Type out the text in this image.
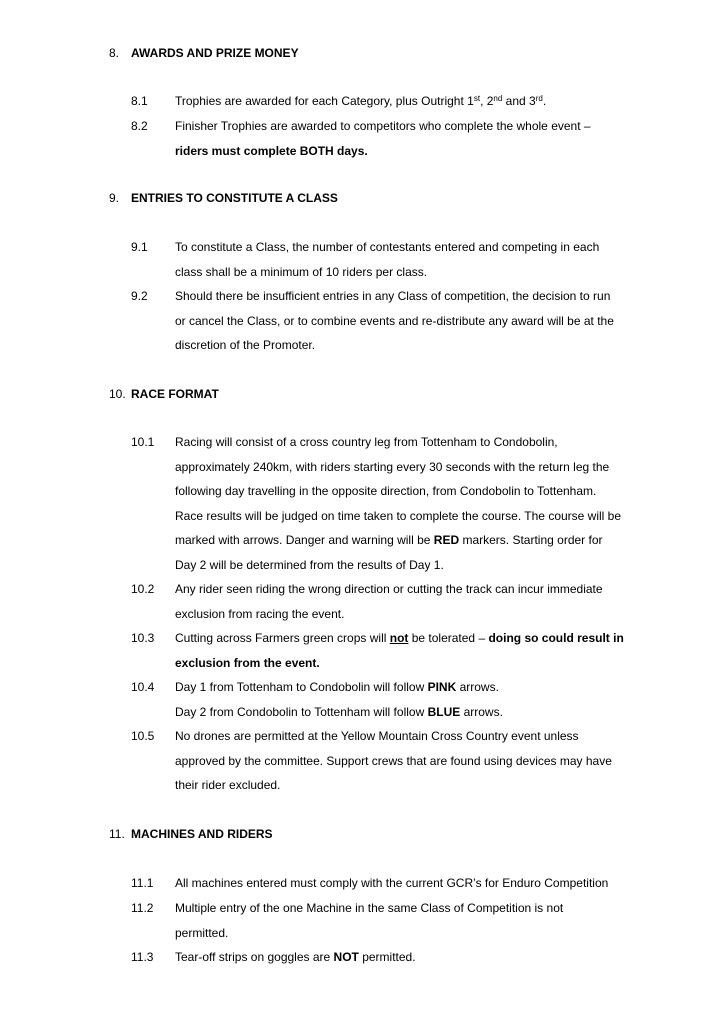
8. AWARDS AND PRIZE MONEY
8.1 Trophies are awarded for each Category, plus Outright 1st, 2nd and 3rd.
8.2 Finisher Trophies are awarded to competitors who complete the whole event –
riders must complete BOTH days.
9. ENTRIES TO CONSTITUTE A CLASS
9.1 To constitute a Class, the number of contestants entered and competing in each
class shall be a minimum of 10 riders per class.
9.2 Should there be insufficient entries in any Class of competition, the decision to run
or cancel the Class, or to combine events and re-distribute any award will be at the
discretion of the Promoter.
10. RACE FORMAT
10.1 Racing will consist of a cross country leg from Tottenham to Condobolin,
approximately 240km, with riders starting every 30 seconds with the return leg the
following day travelling in the opposite direction, from Condobolin to Tottenham.
Race results will be judged on time taken to complete the course. The course will be
marked with arrows. Danger and warning will be RED markers. Starting order for
Day 2 will be determined from the results of Day 1.
10.2 Any rider seen riding the wrong direction or cutting the track can incur immediate
exclusion from racing the event.
10.3 Cutting across Farmers green crops will not be tolerated – doing so could result in
exclusion from the event.
10.4 Day 1 from Tottenham to Condobolin will follow PINK arrows.
Day 2 from Condobolin to Tottenham will follow BLUE arrows.
10.5 No drones are permitted at the Yellow Mountain Cross Country event unless
approved by the committee. Support crews that are found using devices may have
their rider excluded.
11. MACHINES AND RIDERS
11.1 All machines entered must comply with the current GCR’s for Enduro Competition
11.2 Multiple entry of the one Machine in the same Class of Competition is not
permitted.
11.3 Tear-off strips on goggles are NOT permitted.
